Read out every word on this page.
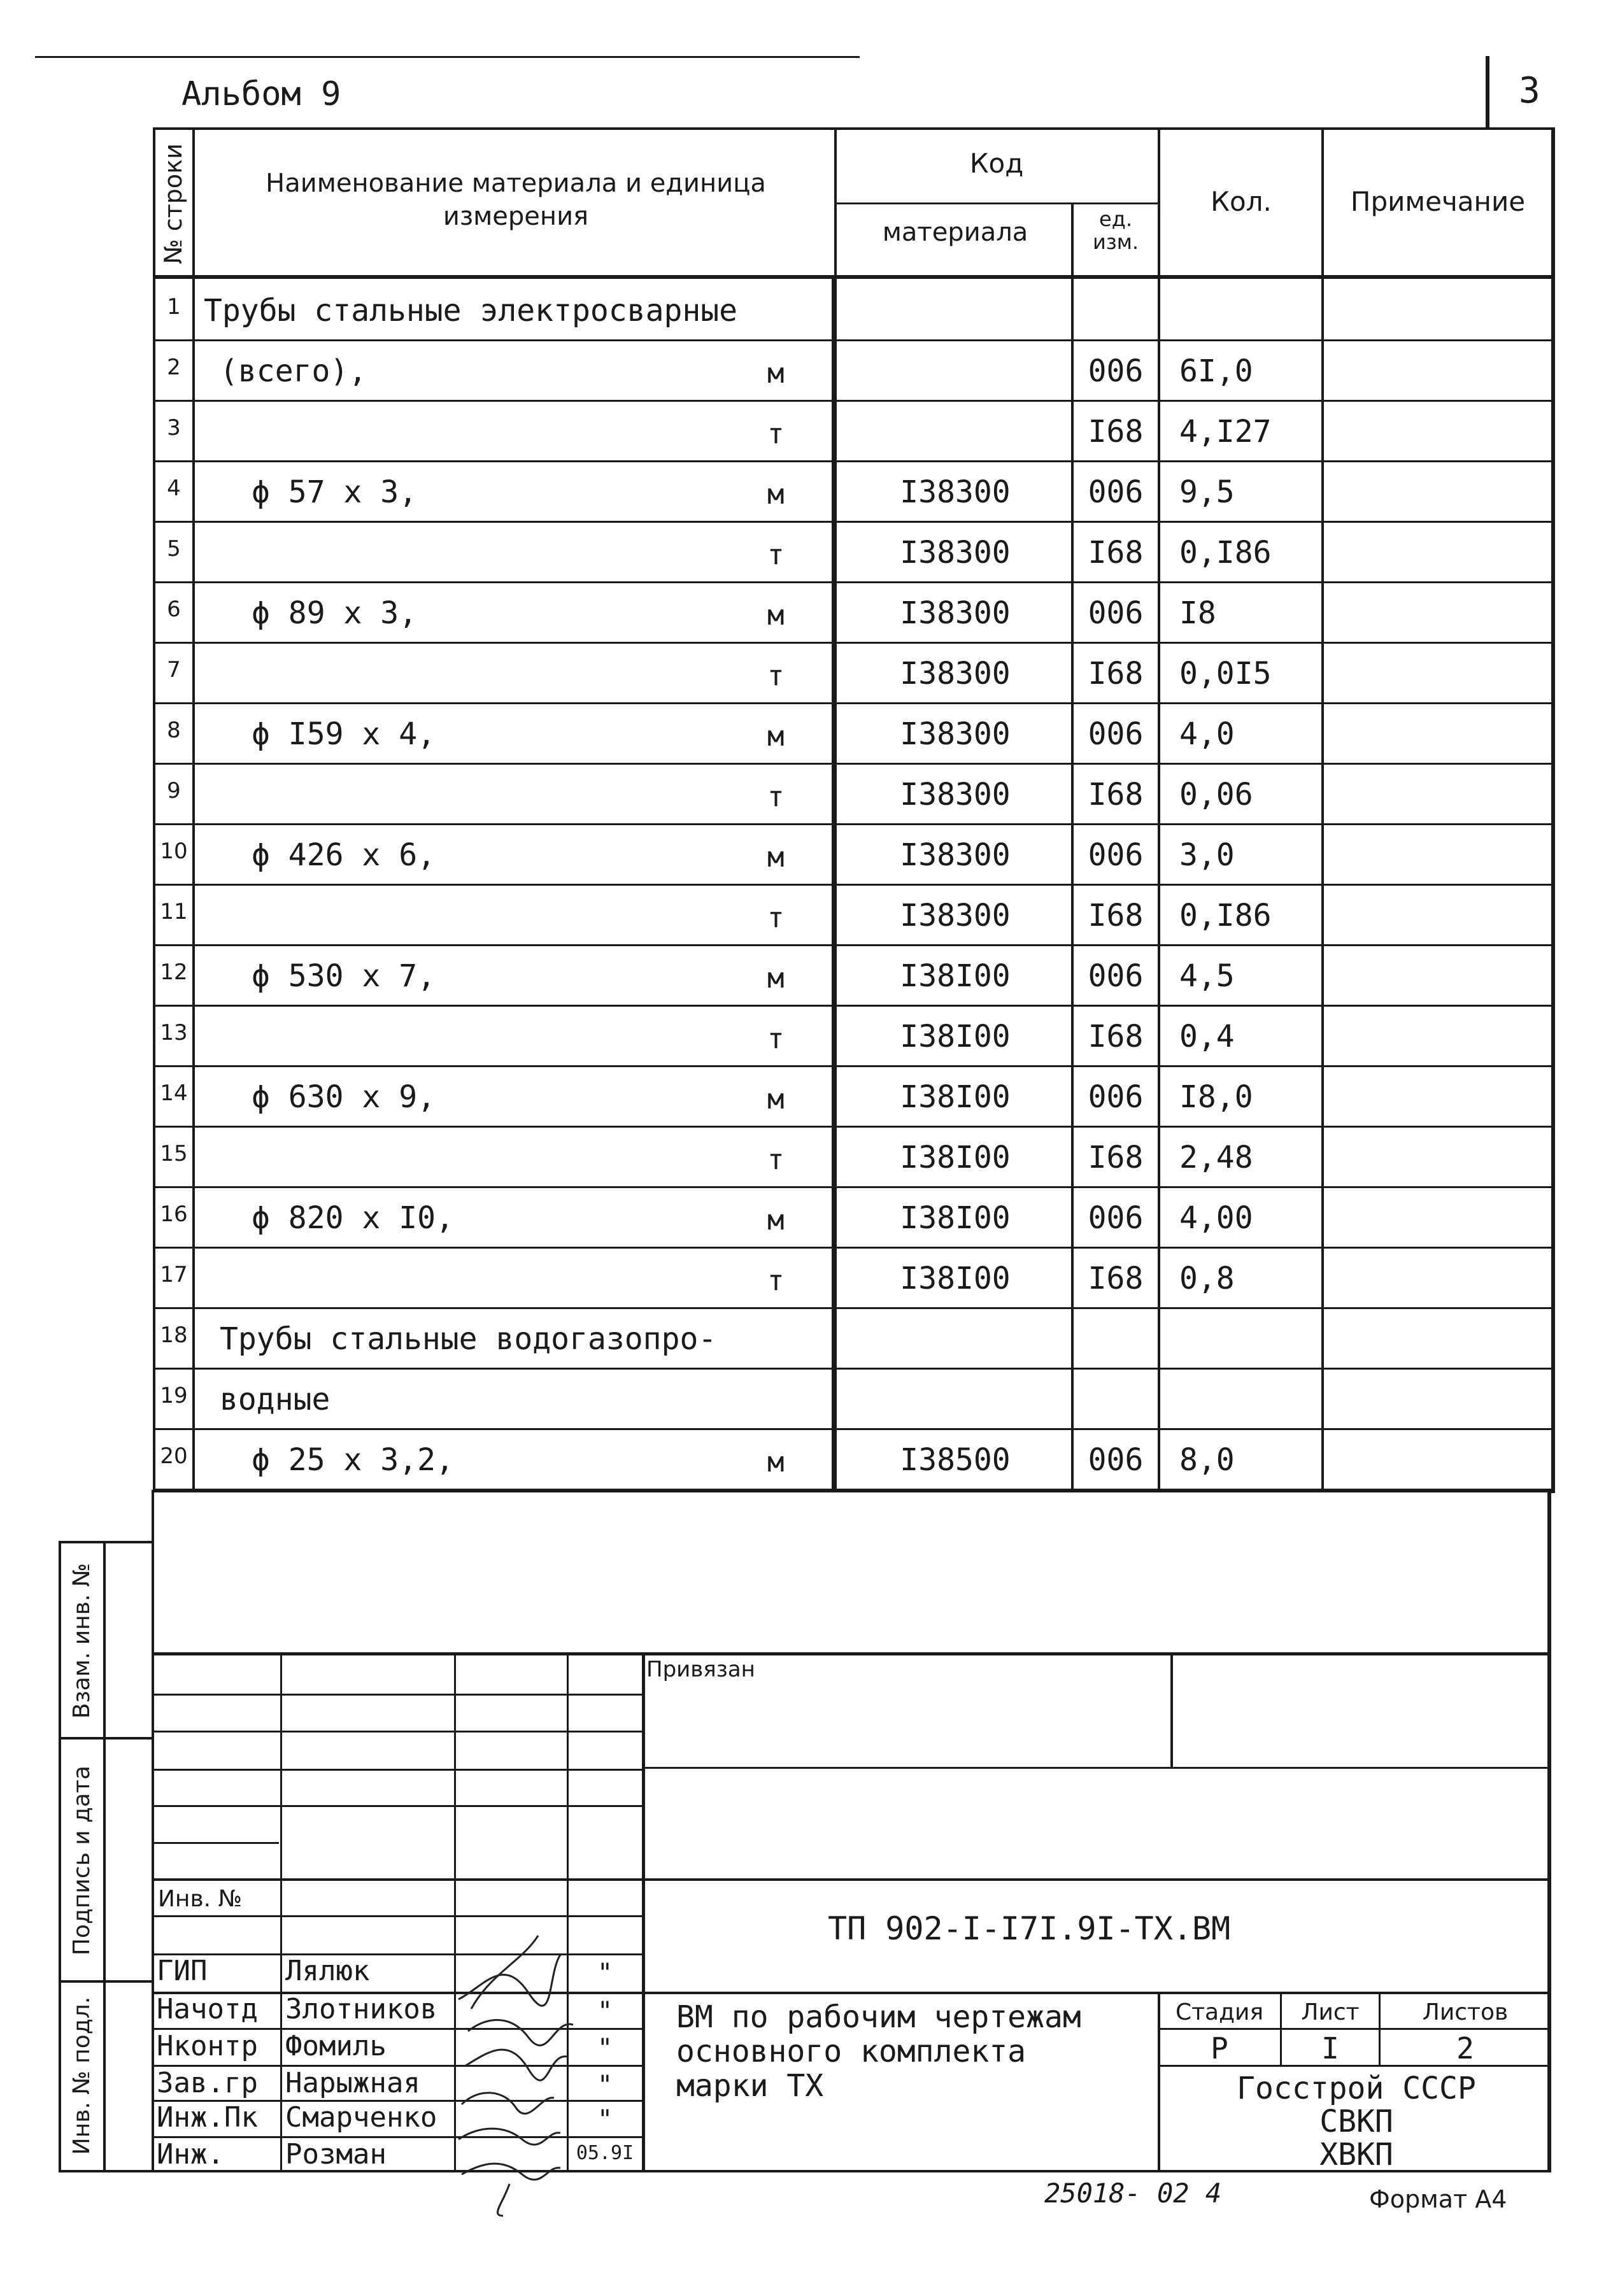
Альбом 9	3
№ строки	Наименование материала и единица измерения
Код
материала	ед. изм.
Кол.	Примечание
1 Трубы стальные электросварные
2	(всего),	м	006	6I,0
3	т	I68	4,I27
4	ϕ 57 x 3,	м	I38300	006	9,5
5	т	I38300	I68	0,I86
6	ϕ 89 x 3,	м	I38300	006	I8
7	т	I38300	I68	0,0I5
8	ϕ I59 x 4,	м	I38300	006	4,0
9	т	I38300	I68	0,06
10 ϕ 426 x 6,	м	I38300	006	3,0
11	т	I38300	I68	0,I86
12 ϕ 530 x 7,	м	I38I00	006	4,5
13	т	I38I00	I68	0,4
14 ϕ 630 x 9,	м	I38I00	006	I8,0
15	т	I38I00	I68	2,48
16 ϕ 820 x I0,	м	I38I00	006	4,00
17	т	I38I00	I68	0,8
18 Трубы стальные водогазопро-
19 водные
20 ϕ 25 x 3,2,	м	I38500	006	8,0
Взам. инв. №
Подпись и дата
Инв. № подл.
Привязан
Инв. №
ТП 902-I-I7I.9I-ТХ.ВМ
ГИП	Лялюк	"
Начотд Злотников	"
Нконтр Фомиль	"
Зав.гр Нарыжная	"
Инж.Пк Смарченко	"
Инж. Розман	05.9I
ВМ по рабочим чертежам
основного комплекта
марки ТХ
Стадия	Лист	Листов
Р	I	2
Госстрой СССР
СВКП
ХВКП
25018- 02 4	Формат А4
